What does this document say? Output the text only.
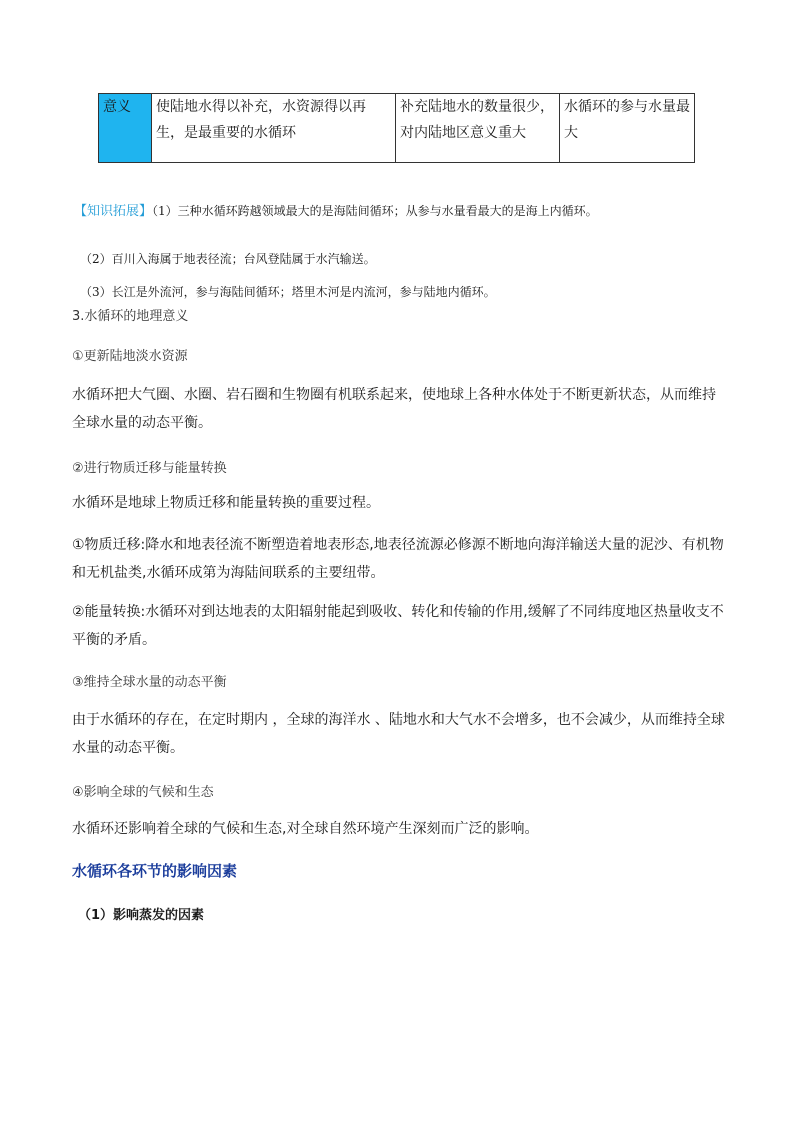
意义	使陆地水得以补充，水资源得以再生，是最重要的水循环	补充陆地水的数量很少，对内陆地区意义重大	水循环的参与水量最大
【知识拓展】（1）三种水循环跨越领域最大的是海陆间循环；从参与水量看最大的是海上内循环。
（2）百川入海属于地表径流；台风登陆属于水汽输送。
（3）长江是外流河，参与海陆间循环；塔里木河是内流河，参与陆地内循环。
3.水循环的地理意义
①更新陆地淡水资源
水循环把大气圈、水圈、岩石圈和生物圈有机联系起来，使地球上各种水体处于不断更新状态，从而维持全球水量的动态平衡。
②进行物质迁移与能量转换
水循环是地球上物质迁移和能量转换的重要过程。
①物质迁移:降水和地表径流不断塑造着地表形态,地表径流源必修源不断地向海洋输送大量的泥沙、有机物和无机盐类,水循环成第为海陆间联系的主要纽带。
②能量转换:水循环对到达地表的太阳辐射能起到吸收、转化和传输的作用,缓解了不同纬度地区热量收支不平衡的矛盾。
③维持全球水量的动态平衡
由于水循环的存在，在定时期内 ，全球的海洋水 、陆地水和大气水不会增多，也不会减少，从而维持全球水量的动态平衡。
④影响全球的气候和生态
水循环还影响着全球的气候和生态,对全球自然环境产生深刻而广泛的影响。
水循环各环节的影响因素
（1）影响蒸发的因素
